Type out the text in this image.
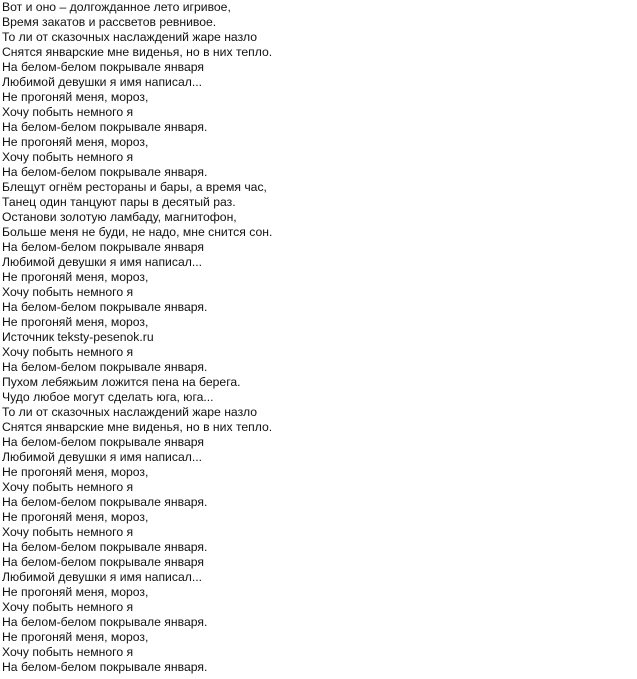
Вот и оно – долгожданное лето игривое,
Время закатов и рассветов ревнивое.
То ли от сказочных наслаждений жаре назло
Снятся январские мне виденья, но в них тепло.
На белом-белом покрывале января
Любимой девушки я имя написал...
Не прогоняй меня, мороз,
Хочу побыть немного я
На белом-белом покрывале января.
Не прогоняй меня, мороз,
Хочу побыть немного я
На белом-белом покрывале января.
Блещут огнём рестораны и бары, а время час,
Танец один танцуют пары в десятый раз.
Останови золотую ламбаду, магнитофон,
Больше меня не буди, не надо, мне снится сон.
На белом-белом покрывале января
Любимой девушки я имя написал...
Не прогоняй меня, мороз,
Хочу побыть немного я
На белом-белом покрывале января.
Не прогоняй меня, мороз,
Источник teksty-pesenok.ru
Хочу побыть немного я
На белом-белом покрывале января.
Пухом лебяжьим ложится пена на берега.
Чудо любое могут сделать юга, юга...
То ли от сказочных наслаждений жаре назло
Снятся январские мне виденья, но в них тепло.
На белом-белом покрывале января
Любимой девушки я имя написал...
Не прогоняй меня, мороз,
Хочу побыть немного я
На белом-белом покрывале января.
Не прогоняй меня, мороз,
Хочу побыть немного я
На белом-белом покрывале января.
На белом-белом покрывале января
Любимой девушки я имя написал...
Не прогоняй меня, мороз,
Хочу побыть немного я
На белом-белом покрывале января.
Не прогоняй меня, мороз,
Хочу побыть немного я
На белом-белом покрывале января.
